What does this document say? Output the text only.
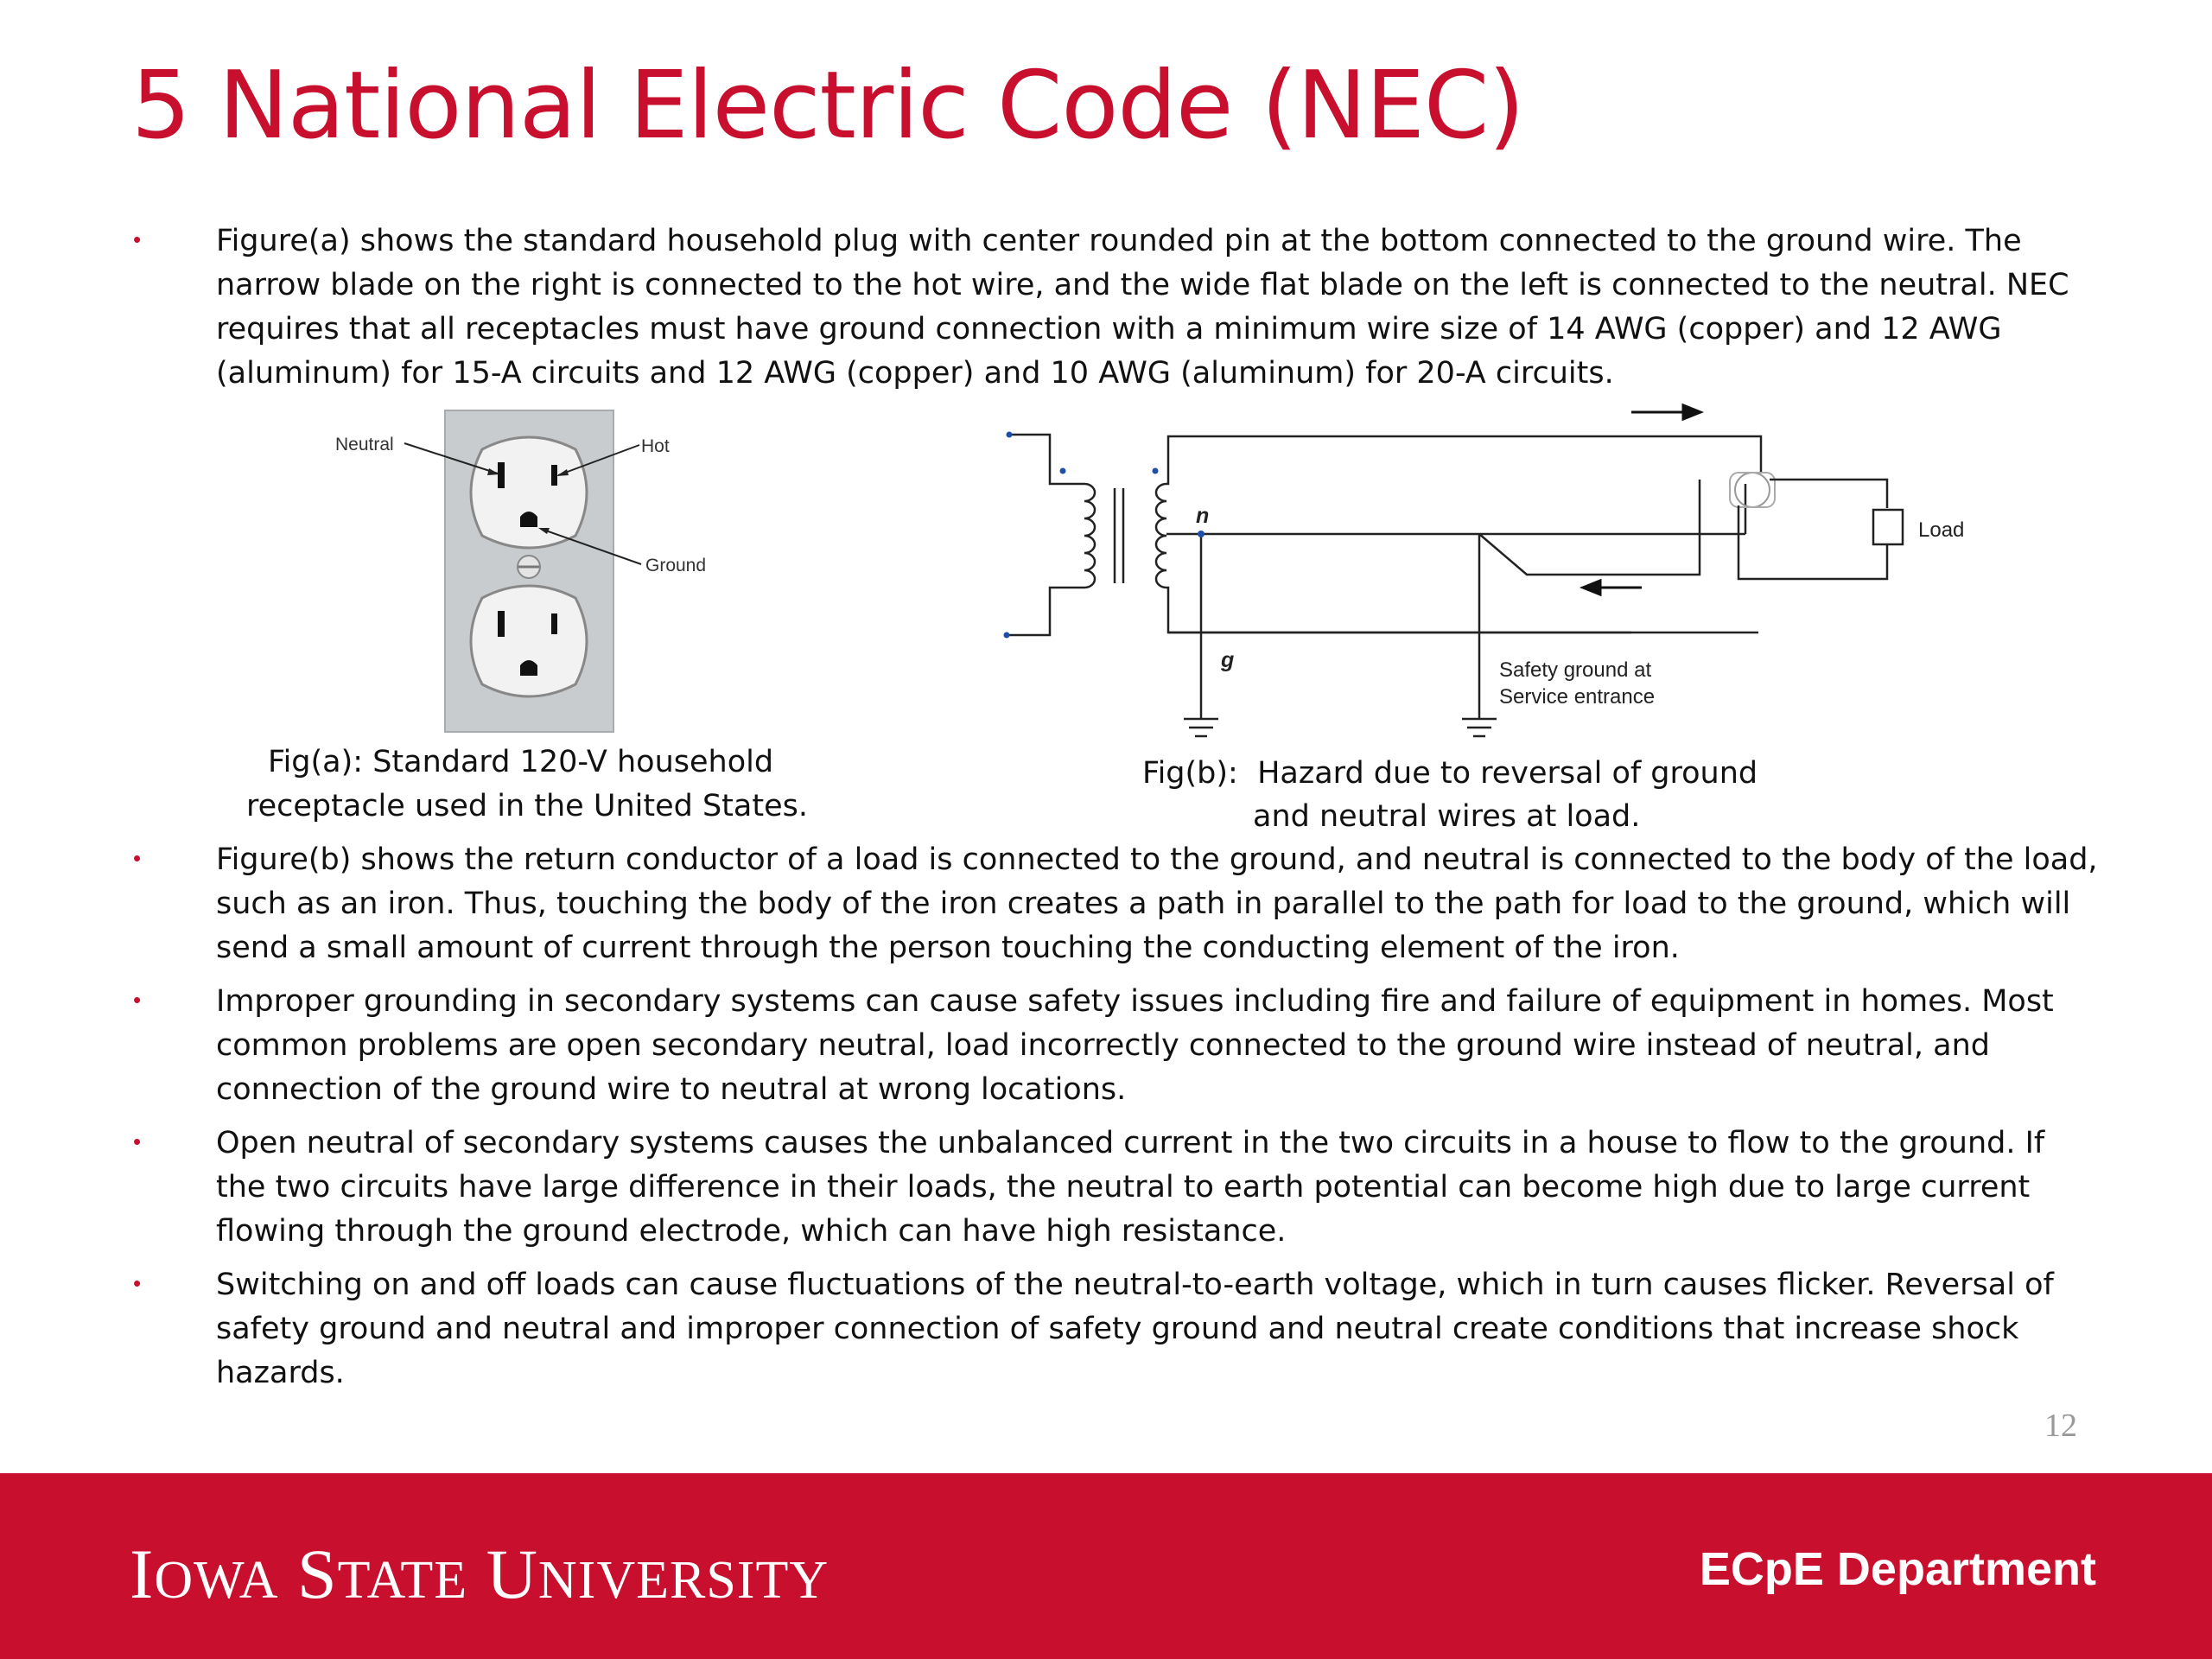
5 National Electric Code (NEC)
• Figure(a) shows the standard household plug with center rounded pin at the bottom connected to the ground wire. The narrow blade on the right is connected to the hot wire, and the wide flat blade on the left is connected to the neutral. NEC requires that all receptacles must have ground connection with a minimum wire size of 14 AWG (copper) and 12 AWG (aluminum) for 15-A circuits and 12 AWG (copper) and 10 AWG (aluminum) for 20-A circuits.
Neutral	Hot
Ground
Fig(a): Standard 120-V household
receptacle used in the United States.
n
g
Load
Safety ground at
Service entrance
Fig(b):  Hazard due to reversal of ground
and neutral wires at load.
• Figure(b) shows the return conductor of a load is connected to the ground, and neutral is connected to the body of the load, such as an iron. Thus, touching the body of the iron creates a path in parallel to the path for load to the ground, which will send a small amount of current through the person touching the conducting element of the iron.
• Improper grounding in secondary systems can cause safety issues including fire and failure of equipment in homes. Most common problems are open secondary neutral, load incorrectly connected to the ground wire instead of neutral, and connection of the ground wire to neutral at wrong locations.
• Open neutral of secondary systems causes the unbalanced current in the two circuits in a house to flow to the ground. If the two circuits have large difference in their loads, the neutral to earth potential can become high due to large current flowing through the ground electrode, which can have high resistance.
• Switching on and off loads can cause fluctuations of the neutral-to-earth voltage, which in turn causes flicker. Reversal of safety ground and neutral and improper connection of safety ground and neutral create conditions that increase shock hazards.
12
IOWA STATE UNIVERSITY	ECpE Department
